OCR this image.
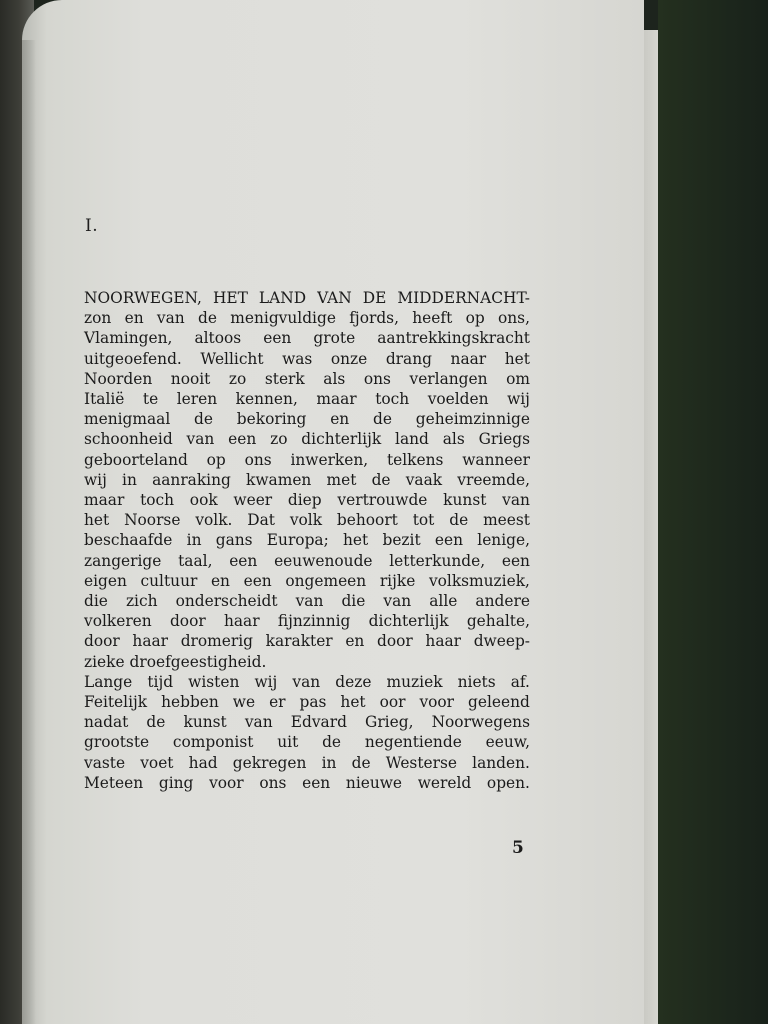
I.
NOORWEGEN, HET LAND VAN DE MIDDERNACHT-
zon en van de menigvuldige fjords, heeft op ons,
Vlamingen, altoos een grote aantrekkingskracht
uitgeoefend. Wellicht was onze drang naar het
Noorden nooit zo sterk als ons verlangen om
Italië te leren kennen, maar toch voelden wij
menigmaal de bekoring en de geheimzinnige
schoonheid van een zo dichterlijk land als Griegs
geboorteland op ons inwerken, telkens wanneer
wij in aanraking kwamen met de vaak vreemde,
maar toch ook weer diep vertrouwde kunst van
het Noorse volk. Dat volk behoort tot de meest
beschaafde in gans Europa; het bezit een lenige,
zangerige taal, een eeuwenoude letterkunde, een
eigen cultuur en een ongemeen rijke volksmuziek,
die zich onderscheidt van die van alle andere
volkeren door haar fijnzinnig dichterlijk gehalte,
door haar dromerig karakter en door haar dweep-
zieke
droefgeestigheid.
Lange tijd wisten wij van deze muziek niets af.
Feitelijk hebben we er pas het oor voor geleend
nadat de kunst van Edvard Grieg, Noorwegens
grootste componist uit de negentiende eeuw,
vaste voet had gekregen in de Westerse landen.
Meteen ging voor ons een nieuwe wereld open.
5
